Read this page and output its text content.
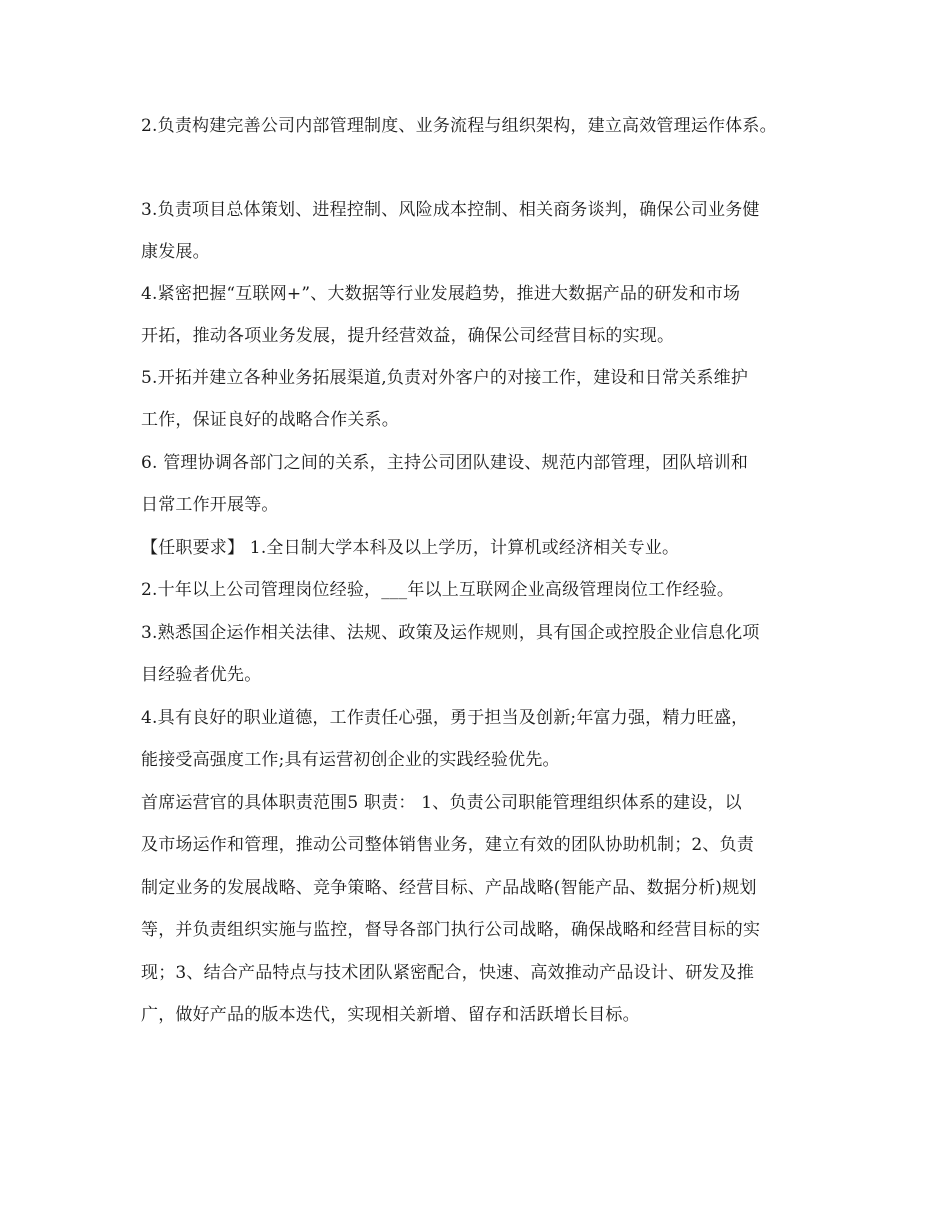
2.负责构建完善公司内部管理制度、业务流程与组织架构，建立高效管理运作体系。
3.负责项目总体策划、进程控制、风险成本控制、相关商务谈判，确保公司业务健
康发展。
4.紧密把握“互联网+”、大数据等行业发展趋势，推进大数据产品的研发和市场
开拓，推动各项业务发展，提升经营效益，确保公司经营目标的实现。
5.开拓并建立各种业务拓展渠道,负责对外客户的对接工作，建设和日常关系维护
工作，保证良好的战略合作关系。
6. 管理协调各部门之间的关系，主持公司团队建设、规范内部管理，团队培训和
日常工作开展等。
【任职要求】 1.全日制大学本科及以上学历，计算机或经济相关专业。
2.十年以上公司管理岗位经验，___年以上互联网企业高级管理岗位工作经验。
3.熟悉国企运作相关法律、法规、政策及运作规则，具有国企或控股企业信息化项
目经验者优先。
4.具有良好的职业道德，工作责任心强，勇于担当及创新;年富力强，精力旺盛，
能接受高强度工作;具有运营初创企业的实践经验优先。
首席运营官的具体职责范围5 职责： 1、负责公司职能管理组织体系的建设，以
及市场运作和管理，推动公司整体销售业务，建立有效的团队协助机制；2、负责
制定业务的发展战略、竞争策略、经营目标、产品战略(智能产品、数据分析)规划
等，并负责组织实施与监控，督导各部门执行公司战略，确保战略和经营目标的实
现；3、结合产品特点与技术团队紧密配合，快速、高效推动产品设计、研发及推
广，做好产品的版本迭代，实现相关新增、留存和活跃增长目标。
